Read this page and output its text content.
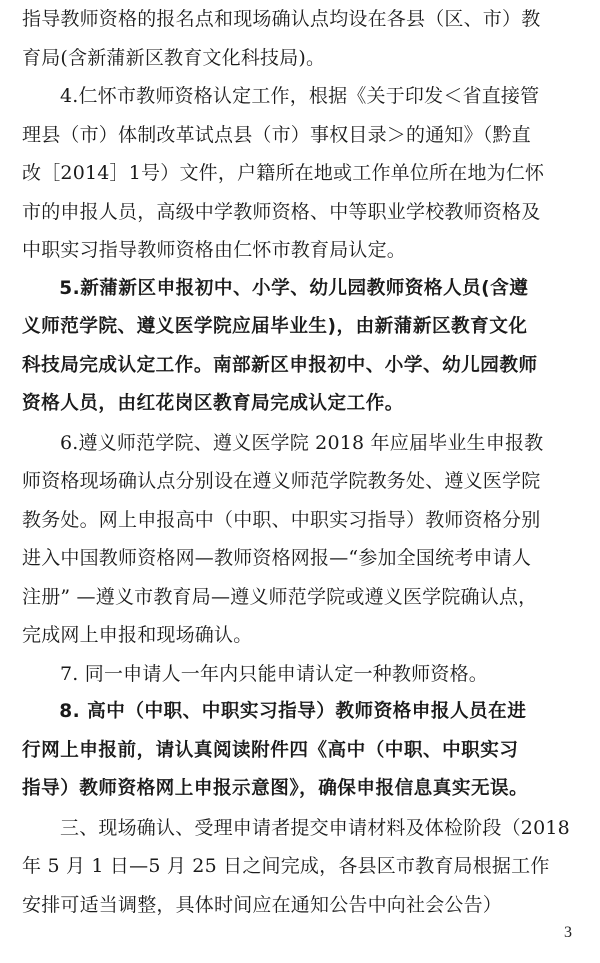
指导教师资格的报名点和现场确认点均设在各县（区、市）教
育局(含新蒲新区教育文化科技局)。

4.仁怀市教师资格认定工作，根据《关于印发＜省直接管
理县（市）体制改革试点县（市）事权目录＞的通知》（黔直
改［2014］1号）文件，户籍所在地或工作单位所在地为仁怀
市的申报人员，高级中学教师资格、中等职业学校教师资格及
中职实习指导教师资格由仁怀市教育局认定。

5.新蒲新区申报初中、小学、幼儿园教师资格人员(含遵
义师范学院、遵义医学院应届毕业生)，由新蒲新区教育文化
科技局完成认定工作。南部新区申报初中、小学、幼儿园教师
资格人员，由红花岗区教育局完成认定工作。

6.遵义师范学院、遵义医学院 2018 年应届毕业生申报教
师资格现场确认点分别设在遵义师范学院教务处、遵义医学院
教务处。网上申报高中（中职、中职实习指导）教师资格分别
进入中国教师资格网—教师资格网报—“参加全国统考申请人
注册” —遵义市教育局—遵义师范学院或遵义医学院确认点，
完成网上申报和现场确认。

7. 同一申请人一年内只能申请认定一种教师资格。

8. 高中（中职、中职实习指导）教师资格申报人员在进
行网上申报前，请认真阅读附件四《高中（中职、中职实习
指导）教师资格网上申报示意图》，确保申报信息真实无误。

三、现场确认、受理申请者提交申请材料及体检阶段（2018
年 5 月 1 日—5 月 25 日之间完成，各县区市教育局根据工作
安排可适当调整，具体时间应在通知公告中向社会公告）

3
